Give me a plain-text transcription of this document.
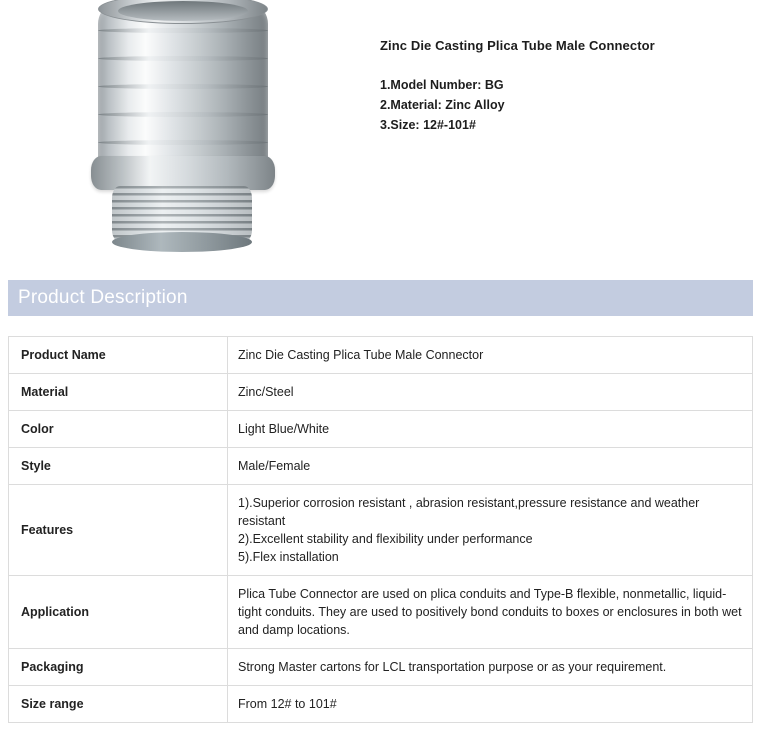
Zinc Die Casting Plica Tube Male Connector
1.Model Number: BG
2.Material: Zinc Alloy
3.Size: 12#-101#
Product Description
Product Name	Zinc Die Casting Plica Tube Male Connector

Material	Zinc/Steel

Color	Light Blue/White

Style	Male/Female

Features	1).Superior corrosion resistant , abrasion resistant,pressure resistance and weather resistant
2).Excellent stability and flexibility under performance
5).Flex installation

Application	Plica Tube Connector are used on plica conduits and Type-B flexible, nonmetallic, liquid-tight conduits. They are used to positively bond conduits to boxes or enclosures in both wet and damp locations.

Packaging	Strong Master cartons for LCL transportation purpose or as your requirement.

Size range	From 12# to 101#
